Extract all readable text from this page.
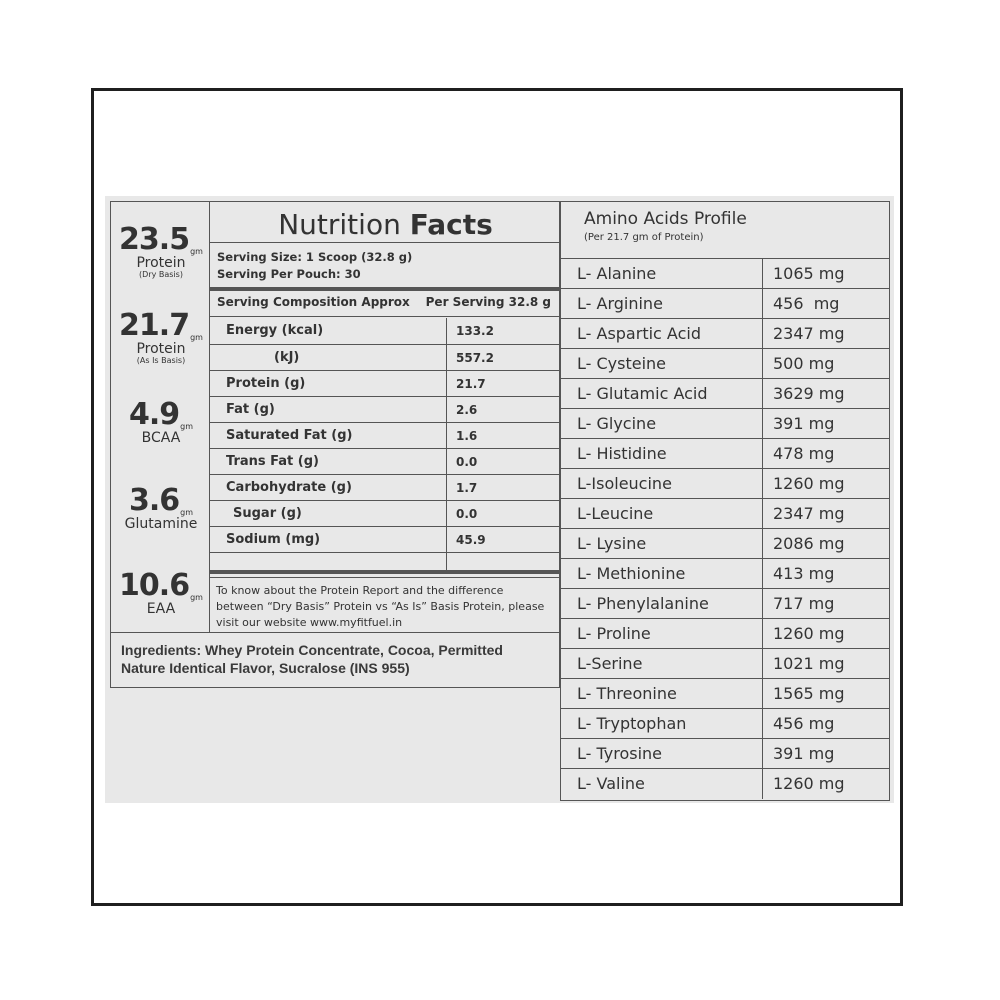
23.5gm
Protein
(Dry Basis)
21.7gm
Protein
(As Is Basis)
4.9gm
BCAA
3.6gm
Glutamine
10.6gm
EAA
Nutrition Facts
Serving Size: 1 Scoop (32.8 g)
Serving Per Pouch: 30
Serving Composition Approx Per Serving 32.8 g
Energy (kcal)	133.2
(kJ)	557.2
Protein (g)	21.7
Fat (g)	2.6
Saturated Fat (g)	1.6
Trans Fat (g)	0.0
Carbohydrate (g)	1.7
Sugar (g)	0.0
Sodium (mg)	45.9
To know about the Protein Report and the difference
between “Dry Basis” Protein vs “As Is” Basis Protein, please
visit our website www.myfitfuel.in
Ingredients: Whey Protein Concentrate, Cocoa, Permitted
Nature Identical Flavor, Sucralose (INS 955)
Amino Acids Profile
(Per 21.7 gm of Protein)
L- Alanine	1065 mg
L- Arginine	456  mg
L- Aspartic Acid	2347 mg
L- Cysteine	500 mg
L- Glutamic Acid	3629 mg
L- Glycine	391 mg
L- Histidine	478 mg
L-Isoleucine	1260 mg
L-Leucine	2347 mg
L- Lysine	2086 mg
L- Methionine	413 mg
L- Phenylalanine	717 mg
L- Proline	1260 mg
L-Serine	1021 mg
L- Threonine	1565 mg
L- Tryptophan	456 mg
L- Tyrosine	391 mg
L- Valine	1260 mg
